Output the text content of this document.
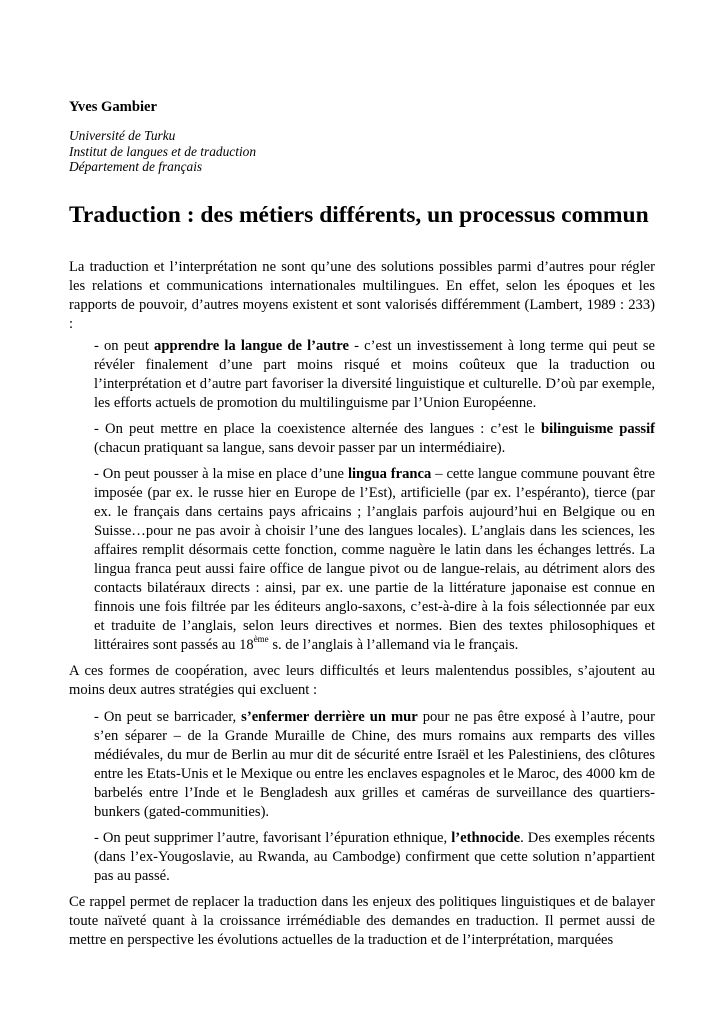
Yves Gambier
Université de Turku
Institut de langues et de traduction
Département de français
Traduction : des métiers différents, un processus commun

La traduction et l’interprétation ne sont qu’une des solutions possibles parmi d’autres pour régler les relations et communications internationales multilingues. En effet, selon les époques et les rapports de pouvoir, d’autres moyens existent et sont valorisés différemment (Lambert, 1989 : 233) :

- on peut apprendre la langue de l’autre - c’est un investissement à long terme qui peut se révéler finalement d’une part moins risqué et moins coûteux que la traduction ou l’interprétation et d’autre part favoriser la diversité linguistique et culturelle. D’où par exemple, les efforts actuels de promotion du multilinguisme par l’Union Européenne.

- On peut mettre en place la coexistence alternée des langues : c’est le bilinguisme passif (chacun pratiquant sa langue, sans devoir passer par un intermédiaire).

- On peut pousser à la mise en place d’une lingua franca – cette langue commune pouvant être imposée (par ex. le russe hier en Europe de l’Est), artificielle (par ex. l’espéranto), tierce (par ex. le français dans certains pays africains ; l’anglais parfois aujourd’hui en Belgique ou en Suisse…pour ne pas avoir à choisir l’une des langues locales). L’anglais dans les sciences, les affaires remplit désormais cette fonction, comme naguère le latin dans les échanges lettrés. La lingua franca peut aussi faire office de langue pivot ou de langue-relais, au détriment alors des contacts bilatéraux directs : ainsi, par ex. une partie de la littérature japonaise est connue en finnois une fois filtrée par les éditeurs anglo-saxons, c’est-à-dire à la fois sélectionnée par eux et traduite de l’anglais, selon leurs directives et normes. Bien des textes philosophiques et littéraires sont passés au 18ème s. de l’anglais à l’allemand via le français.

A ces formes de coopération, avec leurs difficultés et leurs malentendus possibles, s’ajoutent au moins deux autres stratégies qui excluent :

- On peut se barricader, s’enfermer derrière un mur pour ne pas être exposé à l’autre, pour s’en séparer – de la Grande Muraille de Chine, des murs romains aux remparts des villes médiévales, du mur de Berlin au mur dit de sécurité entre Israël et les Palestiniens, des clôtures entre les Etats-Unis et le Mexique ou entre les enclaves espagnoles et le Maroc, des 4000 km de barbelés entre l’Inde et le Bengladesh aux grilles et caméras de surveillance des quartiers-bunkers (gated-communities).

- On peut supprimer l’autre, favorisant l’épuration ethnique, l’ethnocide. Des exemples récents (dans l’ex-Yougoslavie, au Rwanda, au Cambodge) confirment que cette solution n’appartient pas au passé.

Ce rappel permet de replacer la traduction dans les enjeux des politiques linguistiques et de balayer toute naïveté quant à la croissance irrémédiable des demandes en traduction. Il permet aussi de mettre en perspective les évolutions actuelles de la traduction et de l’interprétation, marquées
